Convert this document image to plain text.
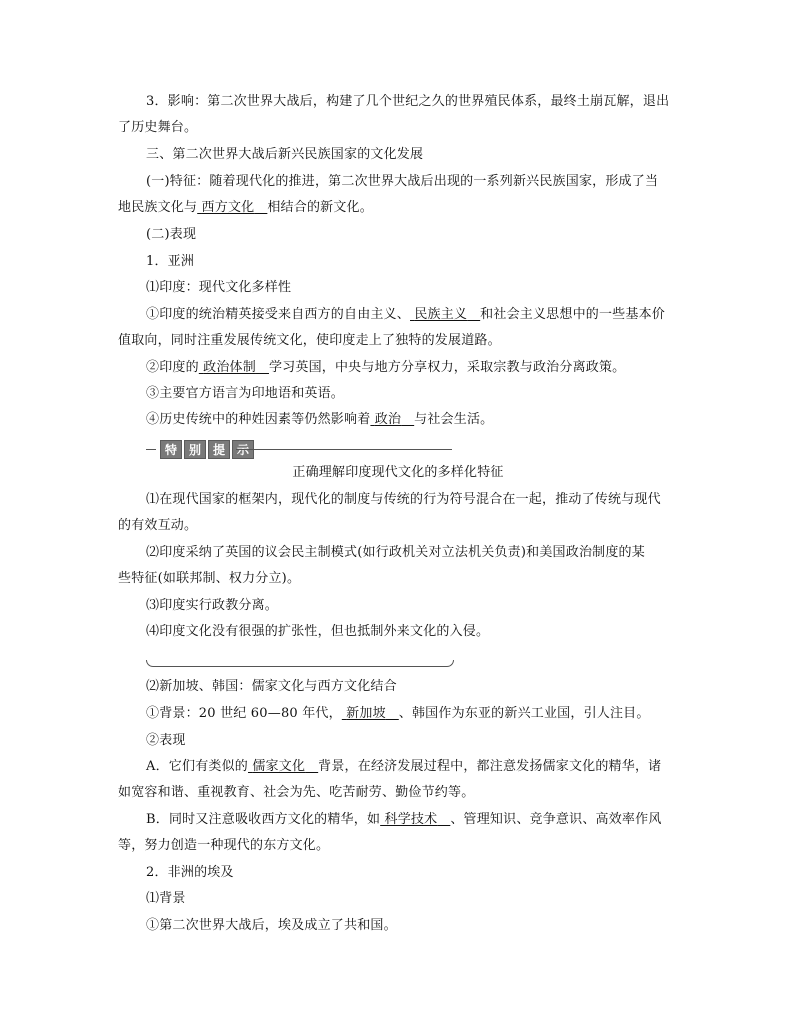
3．影响：第二次世界大战后，构建了几个世纪之久的世界殖民体系，最终土崩瓦解，退出
了历史舞台。
三、第二次世界大战后新兴民族国家的文化发展
(一)特征：随着现代化的推进，第二次世界大战后出现的一系列新兴民族国家，形成了当
地民族文化与 西方文化 相结合的新文化。
(二)表现
1．亚洲
⑴印度：现代文化多样性
①印度的统治精英接受来自西方的自由主义、 民族主义 和社会主义思想中的一些基本价
值取向，同时注重发展传统文化，使印度走上了独特的发展道路。
②印度的 政治体制 学习英国，中央与地方分享权力，采取宗教与政治分离政策。
③主要官方语言为印地语和英语。
④历史传统中的种姓因素等仍然影响着 政治 与社会生活。
特 别 提 示
正确理解印度现代文化的多样化特征
⑴在现代国家的框架内，现代化的制度与传统的行为符号混合在一起，推动了传统与现代
的有效互动。
⑵印度采纳了英国的议会民主制模式(如行政机关对立法机关负责)和美国政治制度的某
些特征(如联邦制、权力分立)。
⑶印度实行政教分离。
⑷印度文化没有很强的扩张性，但也抵制外来文化的入侵。
⑵新加坡、韩国：儒家文化与西方文化结合
①背景：20 世纪 60—80 年代， 新加坡 、韩国作为东亚的新兴工业国，引人注目。
②表现
A．它们有类似的 儒家文化 背景，在经济发展过程中，都注意发扬儒家文化的精华，诸
如宽容和谐、重视教育、社会为先、吃苦耐劳、勤俭节约等。
B．同时又注意吸收西方文化的精华，如 科学技术 、管理知识、竞争意识、高效率作风
等，努力创造一种现代的东方文化。
2．非洲的埃及
⑴背景
①第二次世界大战后，埃及成立了共和国。
